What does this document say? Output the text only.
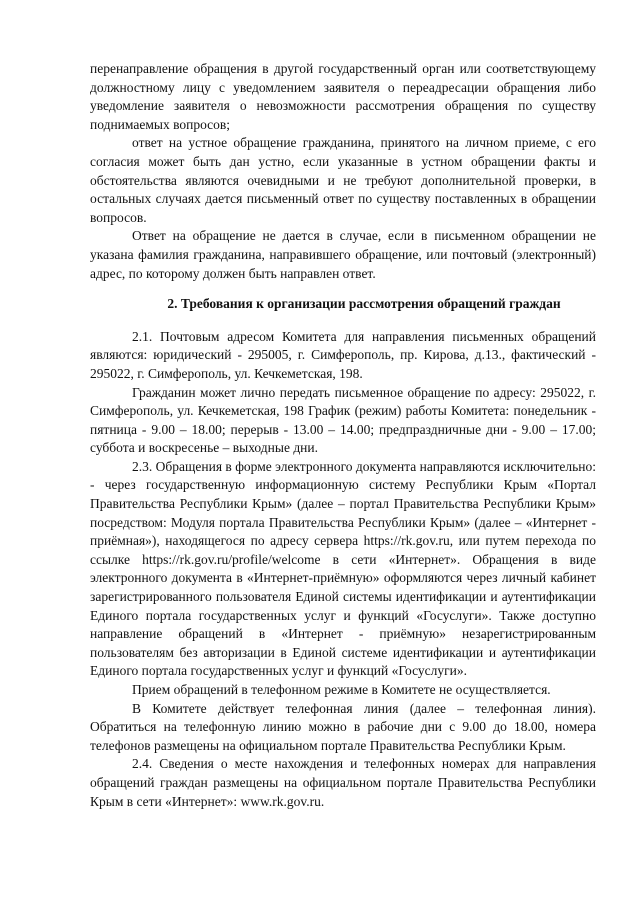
перенаправление обращения в другой государственный орган или соответствующему должностному лицу с уведомлением заявителя о переадресации обращения либо уведомление заявителя о невозможности рассмотрения обращения по существу поднимаемых вопросов;

ответ на устное обращение гражданина, принятого на личном приеме, с его согласия может быть дан устно, если указанные в устном обращении факты и обстоятельства являются очевидными и не требуют дополнительной проверки, в остальных случаях дается письменный ответ по существу поставленных в обращении вопросов.

Ответ на обращение не дается в случае, если в письменном обращении не указана фамилия гражданина, направившего обращение, или почтовый (электронный) адрес, по которому должен быть направлен ответ.

2. Требования к организации рассмотрения обращений граждан

2.1. Почтовым адресом Комитета для направления письменных обращений являются: юридический - 295005, г. Симферополь, пр. Кирова, д.13., фактический - 295022, г. Симферополь, ул. Кечкеметская, 198.

Гражданин может лично передать письменное обращение по адресу: 295022, г. Симферополь, ул. Кечкеметская, 198 График (режим) работы Комитета: понедельник - пятница - 9.00 – 18.00; перерыв - 13.00 – 14.00; предпраздничные дни - 9.00 – 17.00; суббота и воскресенье – выходные дни.

2.3. Обращения в форме электронного документа направляются исключительно: - через государственную информационную систему Республики Крым «Портал Правительства Республики Крым» (далее – портал Правительства Республики Крым» посредством: Модуля портала Правительства Республики Крым» (далее – «Интернет - приёмная»), находящегося по адресу сервера https://rk.gov.ru, или путем перехода по ссылке https://rk.gov.ru/profile/welcome в сети «Интернет». Обращения в виде электронного документа в «Интернет-приёмную» оформляются через личный кабинет зарегистрированного пользователя Единой системы идентификации и аутентификации Единого портала государственных услуг и функций «Госуслуги». Также доступно направление обращений в «Интернет - приёмную» незарегистрированным пользователям без авторизации в Единой системе идентификации и аутентификации Единого портала государственных услуг и функций «Госуслуги».

Прием обращений в телефонном режиме в Комитете не осуществляется.

В Комитете действует телефонная линия (далее – телефонная линия). Обратиться на телефонную линию можно в рабочие дни с 9.00 до 18.00, номера телефонов размещены на официальном портале Правительства Республики Крым.

2.4. Сведения о месте нахождения и телефонных номерах для направления обращений граждан размещены на официальном портале Правительства Республики Крым в сети «Интернет»: www.rk.gov.ru.
